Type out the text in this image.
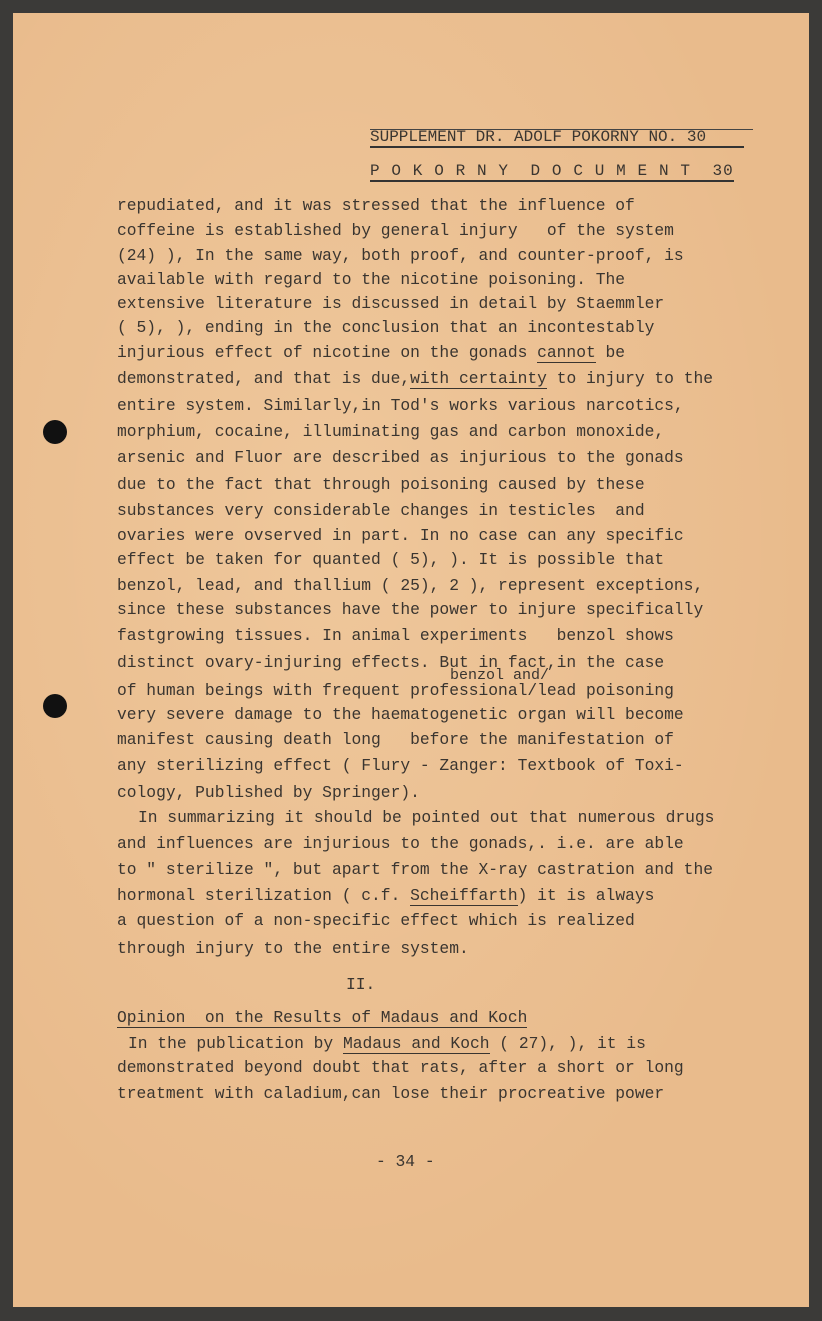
SUPPLEMENT DR. ADOLF POKORNY NO. 30
P O K O R N Y  D O C U M E N T  30
repudiated, and it was stressed that the influence of
coffeine is established by general injury   of the system
(24) ), In the same way, both proof, and counter-proof, is
available with regard to the nicotine poisoning. The
extensive literature is discussed in detail by Staemmler
( 5), ), ending in the conclusion that an incontestably
injurious effect of nicotine on the gonads cannot be
demonstrated, and that is due,with certainty to injury to the
entire system. Similarly,in Tod's works various narcotics,
morphium, cocaine, illuminating gas and carbon monoxide,
arsenic and Fluor are described as injurious to the gonads
due to the fact that through poisoning caused by these
substances very considerable changes in testicles  and
ovaries were ovserved in part. In no case can any specific
effect be taken for quanted ( 5), ). It is possible that
benzol, lead, and thallium ( 25), 2 ), represent exceptions,
since these substances have the power to injure specifically
fastgrowing tissues. In animal experiments   benzol shows
distinct ovary-injuring effects. But in fact,in the case
benzol and/
of human beings with frequent professional/lead poisoning
very severe damage to the haematogenetic organ will become
manifest causing death long   before the manifestation of
any sterilizing effect ( Flury - Zanger: Textbook of Toxi-
cology, Published by Springer).
In summarizing it should be pointed out that numerous drugs
and influences are injurious to the gonads,. i.e. are able
to " sterilize ", but apart from the X-ray castration and the
hormonal sterilization ( c.f. Scheiffarth) it is always
a question of a non-specific effect which is realized
through injury to the entire system.
Opinion  on the Results of Madaus and Koch
In the publication by Madaus and Koch ( 27), ), it is
demonstrated beyond doubt that rats, after a short or long
treatment with caladium,can lose their procreative power
II.
- 34 -
